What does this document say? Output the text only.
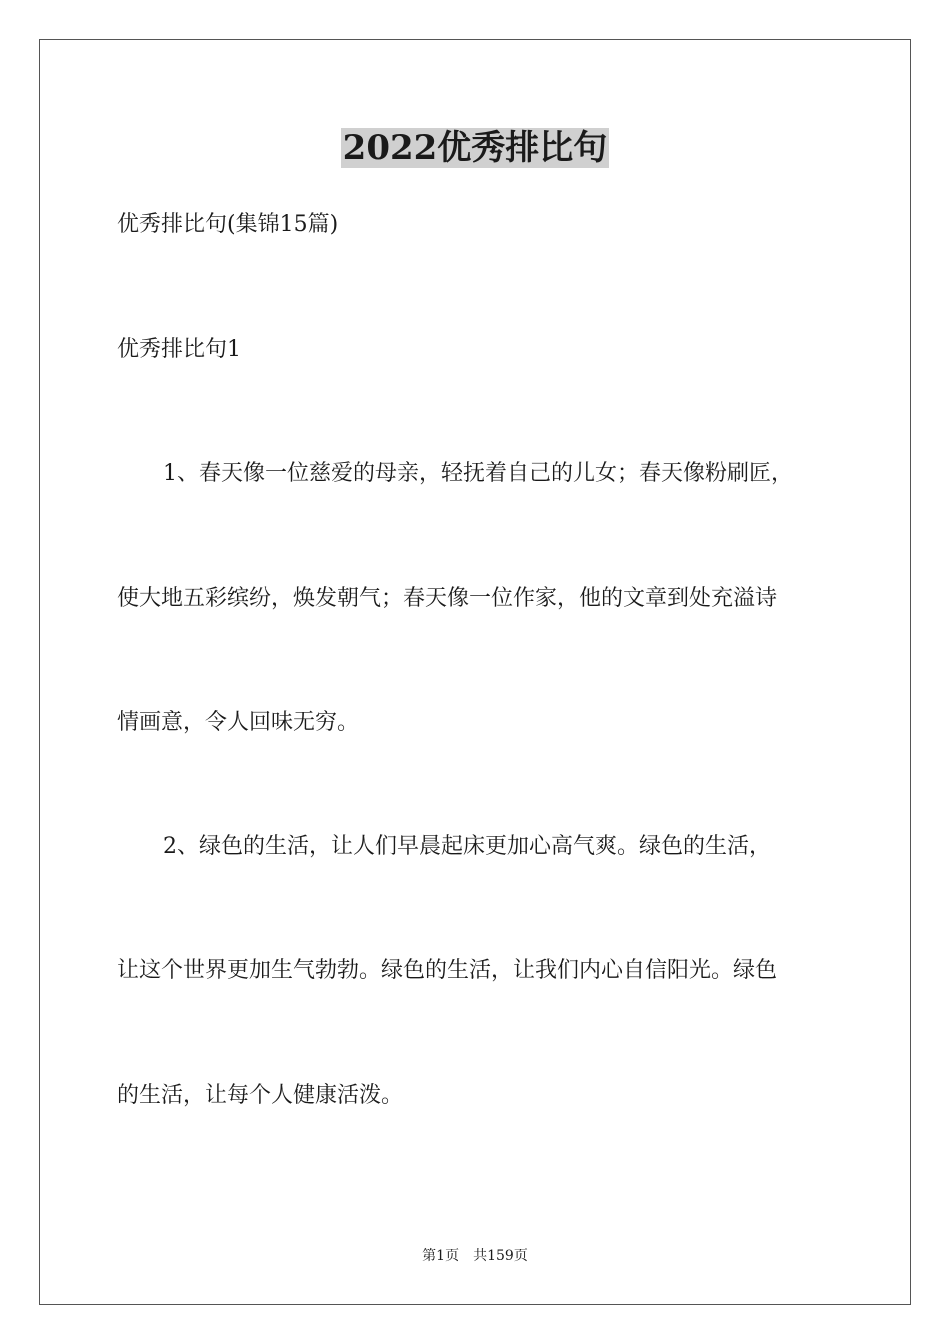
2022优秀排比句
优秀排比句(集锦15篇)
优秀排比句1
1、春天像一位慈爱的母亲，轻抚着自己的儿女；春天像粉刷匠，
使大地五彩缤纷，焕发朝气；春天像一位作家，他的文章到处充溢诗
情画意，令人回味无穷。
2、绿色的生活，让人们早晨起床更加心高气爽。绿色的生活，
让这个世界更加生气勃勃。绿色的生活，让我们内心自信阳光。绿色
的生活，让每个人健康活泼。
第1页 共159页
